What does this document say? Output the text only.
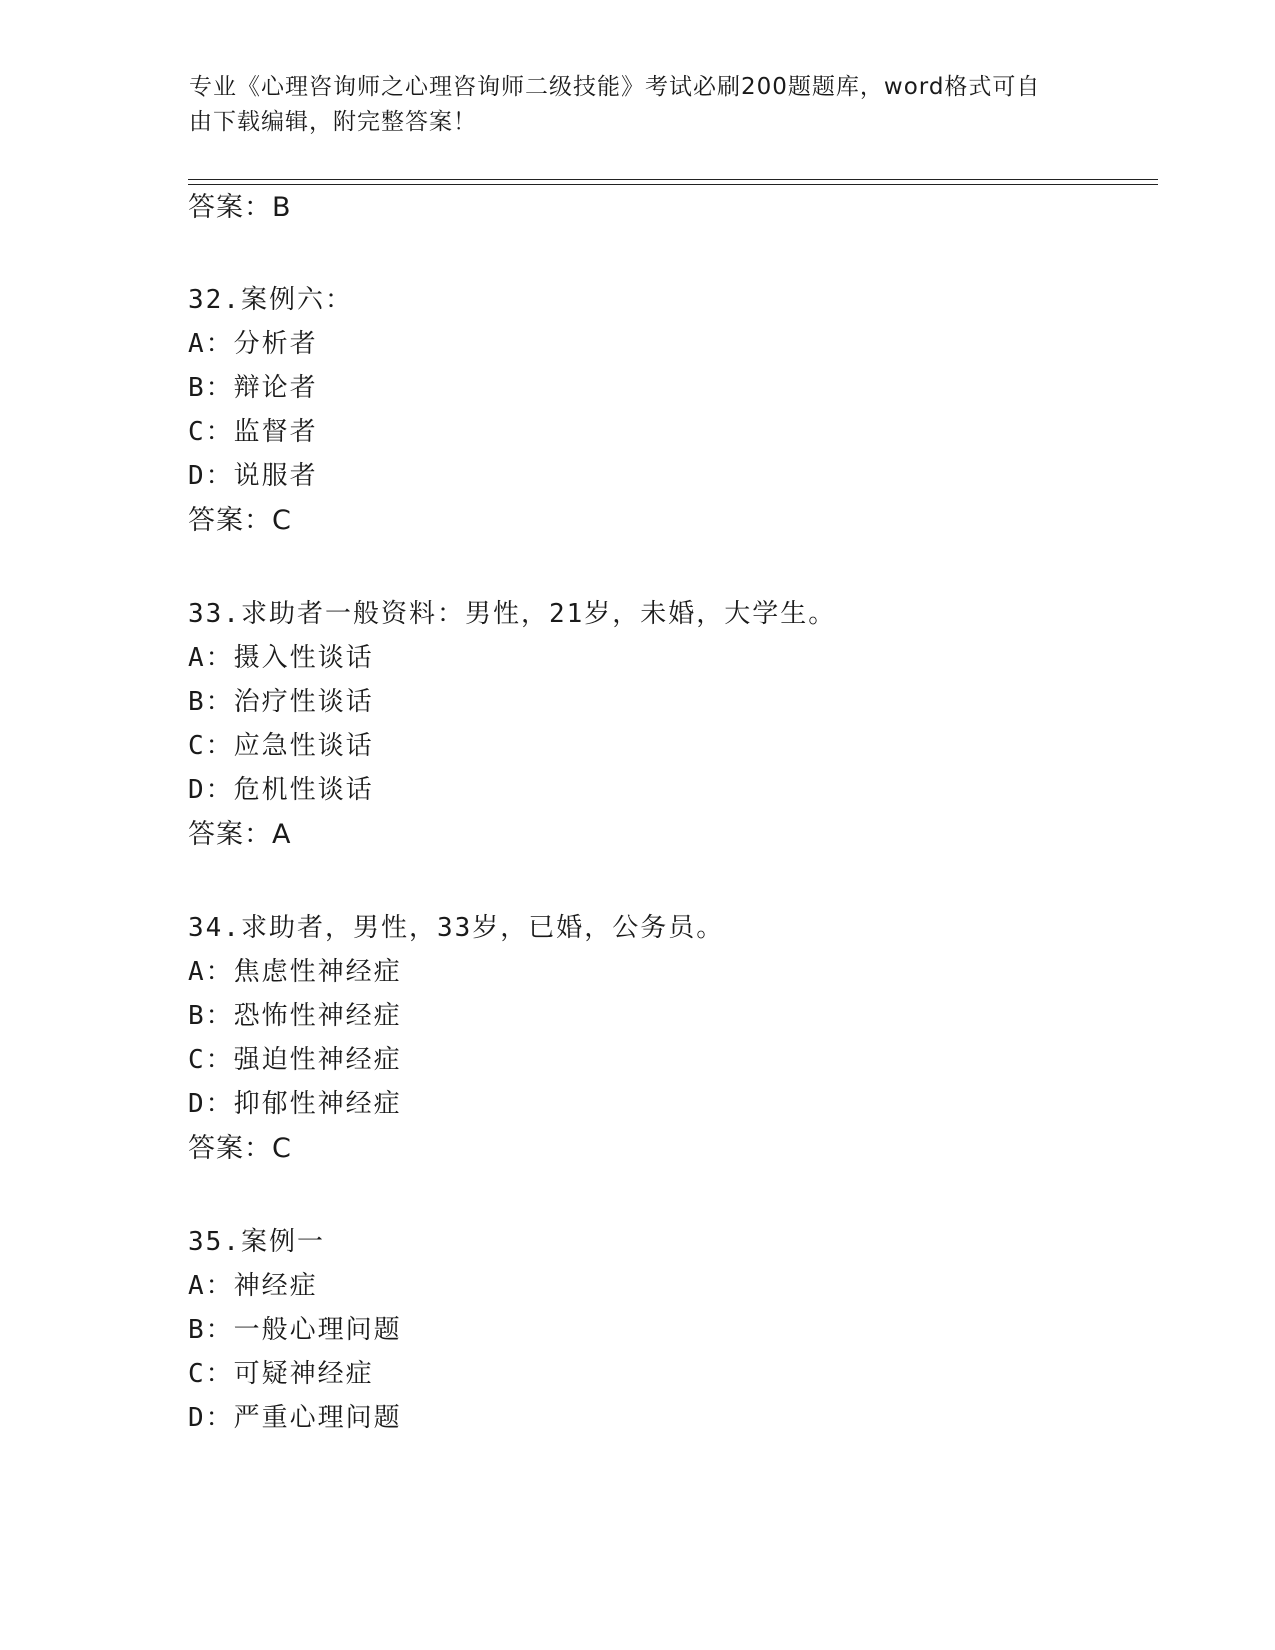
专业《心理咨询师之心理咨询师二级技能》考试必刷200题题库，word格式可自
由下载编辑，附完整答案！
答案：B
32.案例六：
A：分析者
B：辩论者
C：监督者
D：说服者
答案：C
33.求助者一般资料：男性，21岁，未婚，大学生。
A：摄入性谈话
B：治疗性谈话
C：应急性谈话
D：危机性谈话
答案：A
34.求助者，男性，33岁，已婚，公务员。
A：焦虑性神经症
B：恐怖性神经症
C：强迫性神经症
D：抑郁性神经症
答案：C
35.案例一
A：神经症
B：一般心理问题
C：可疑神经症
D：严重心理问题
